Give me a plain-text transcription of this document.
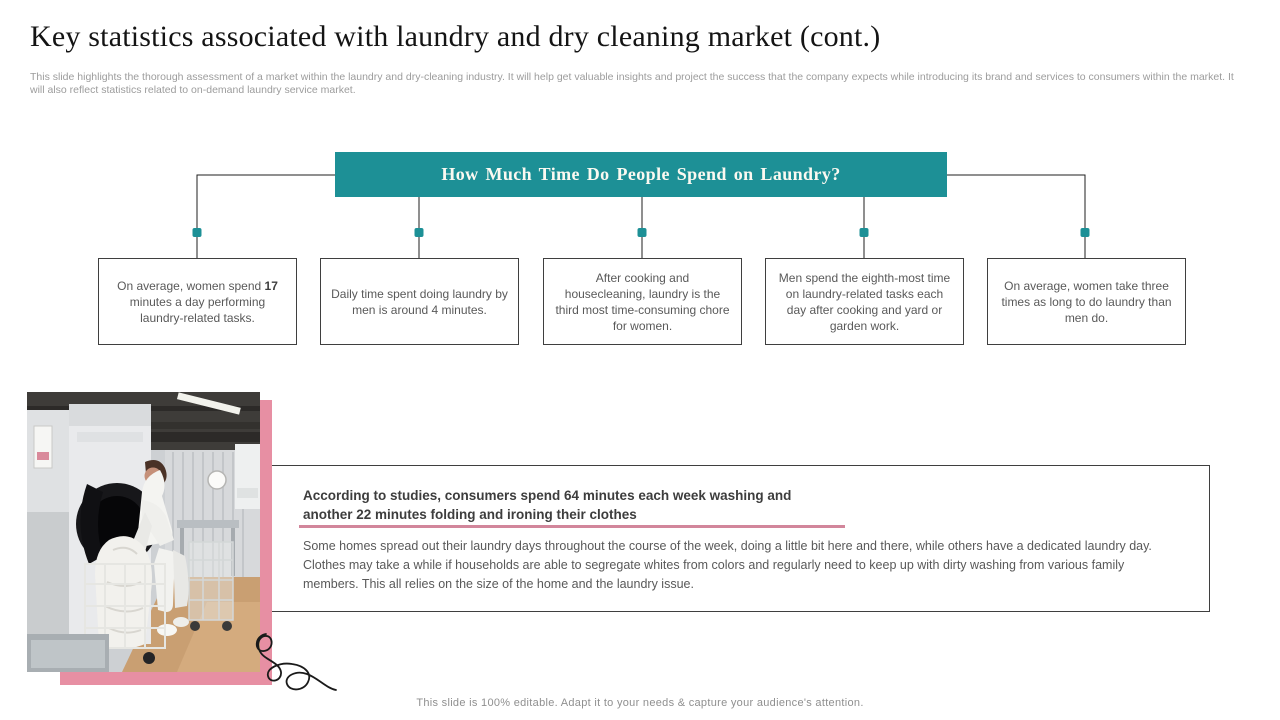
Key statistics associated with laundry and dry cleaning market (cont.)
This slide highlights the thorough assessment of a market within the laundry and dry-cleaning industry. It will help get valuable insights and project the success that the company expects while introducing its brand and services to consumers within the market. It will also reflect statistics related to on-demand laundry service market.
How Much Time Do People Spend on Laundry?
On average, women spend 17 minutes a day performing laundry-related tasks.
Daily time spent doing laundry by men is around 4 minutes.
After cooking and housecleaning, laundry is the third most time-consuming chore for women.
Men spend the eighth-most time on laundry-related tasks each day after cooking and yard or garden work.
On average, women take three times as long to do laundry than men do.
According to studies, consumers spend 64 minutes each week washing and another 22 minutes folding and ironing their clothes
Some homes spread out their laundry days throughout the course of the week, doing a little bit here and there, while others have a dedicated laundry day. Clothes may take a while if households are able to segregate whites from colors and regularly need to keep up with dirty washing from various family members. This all relies on the size of the home and the laundry issue.
This slide is 100% editable. Adapt it to your needs & capture your audience's attention.
